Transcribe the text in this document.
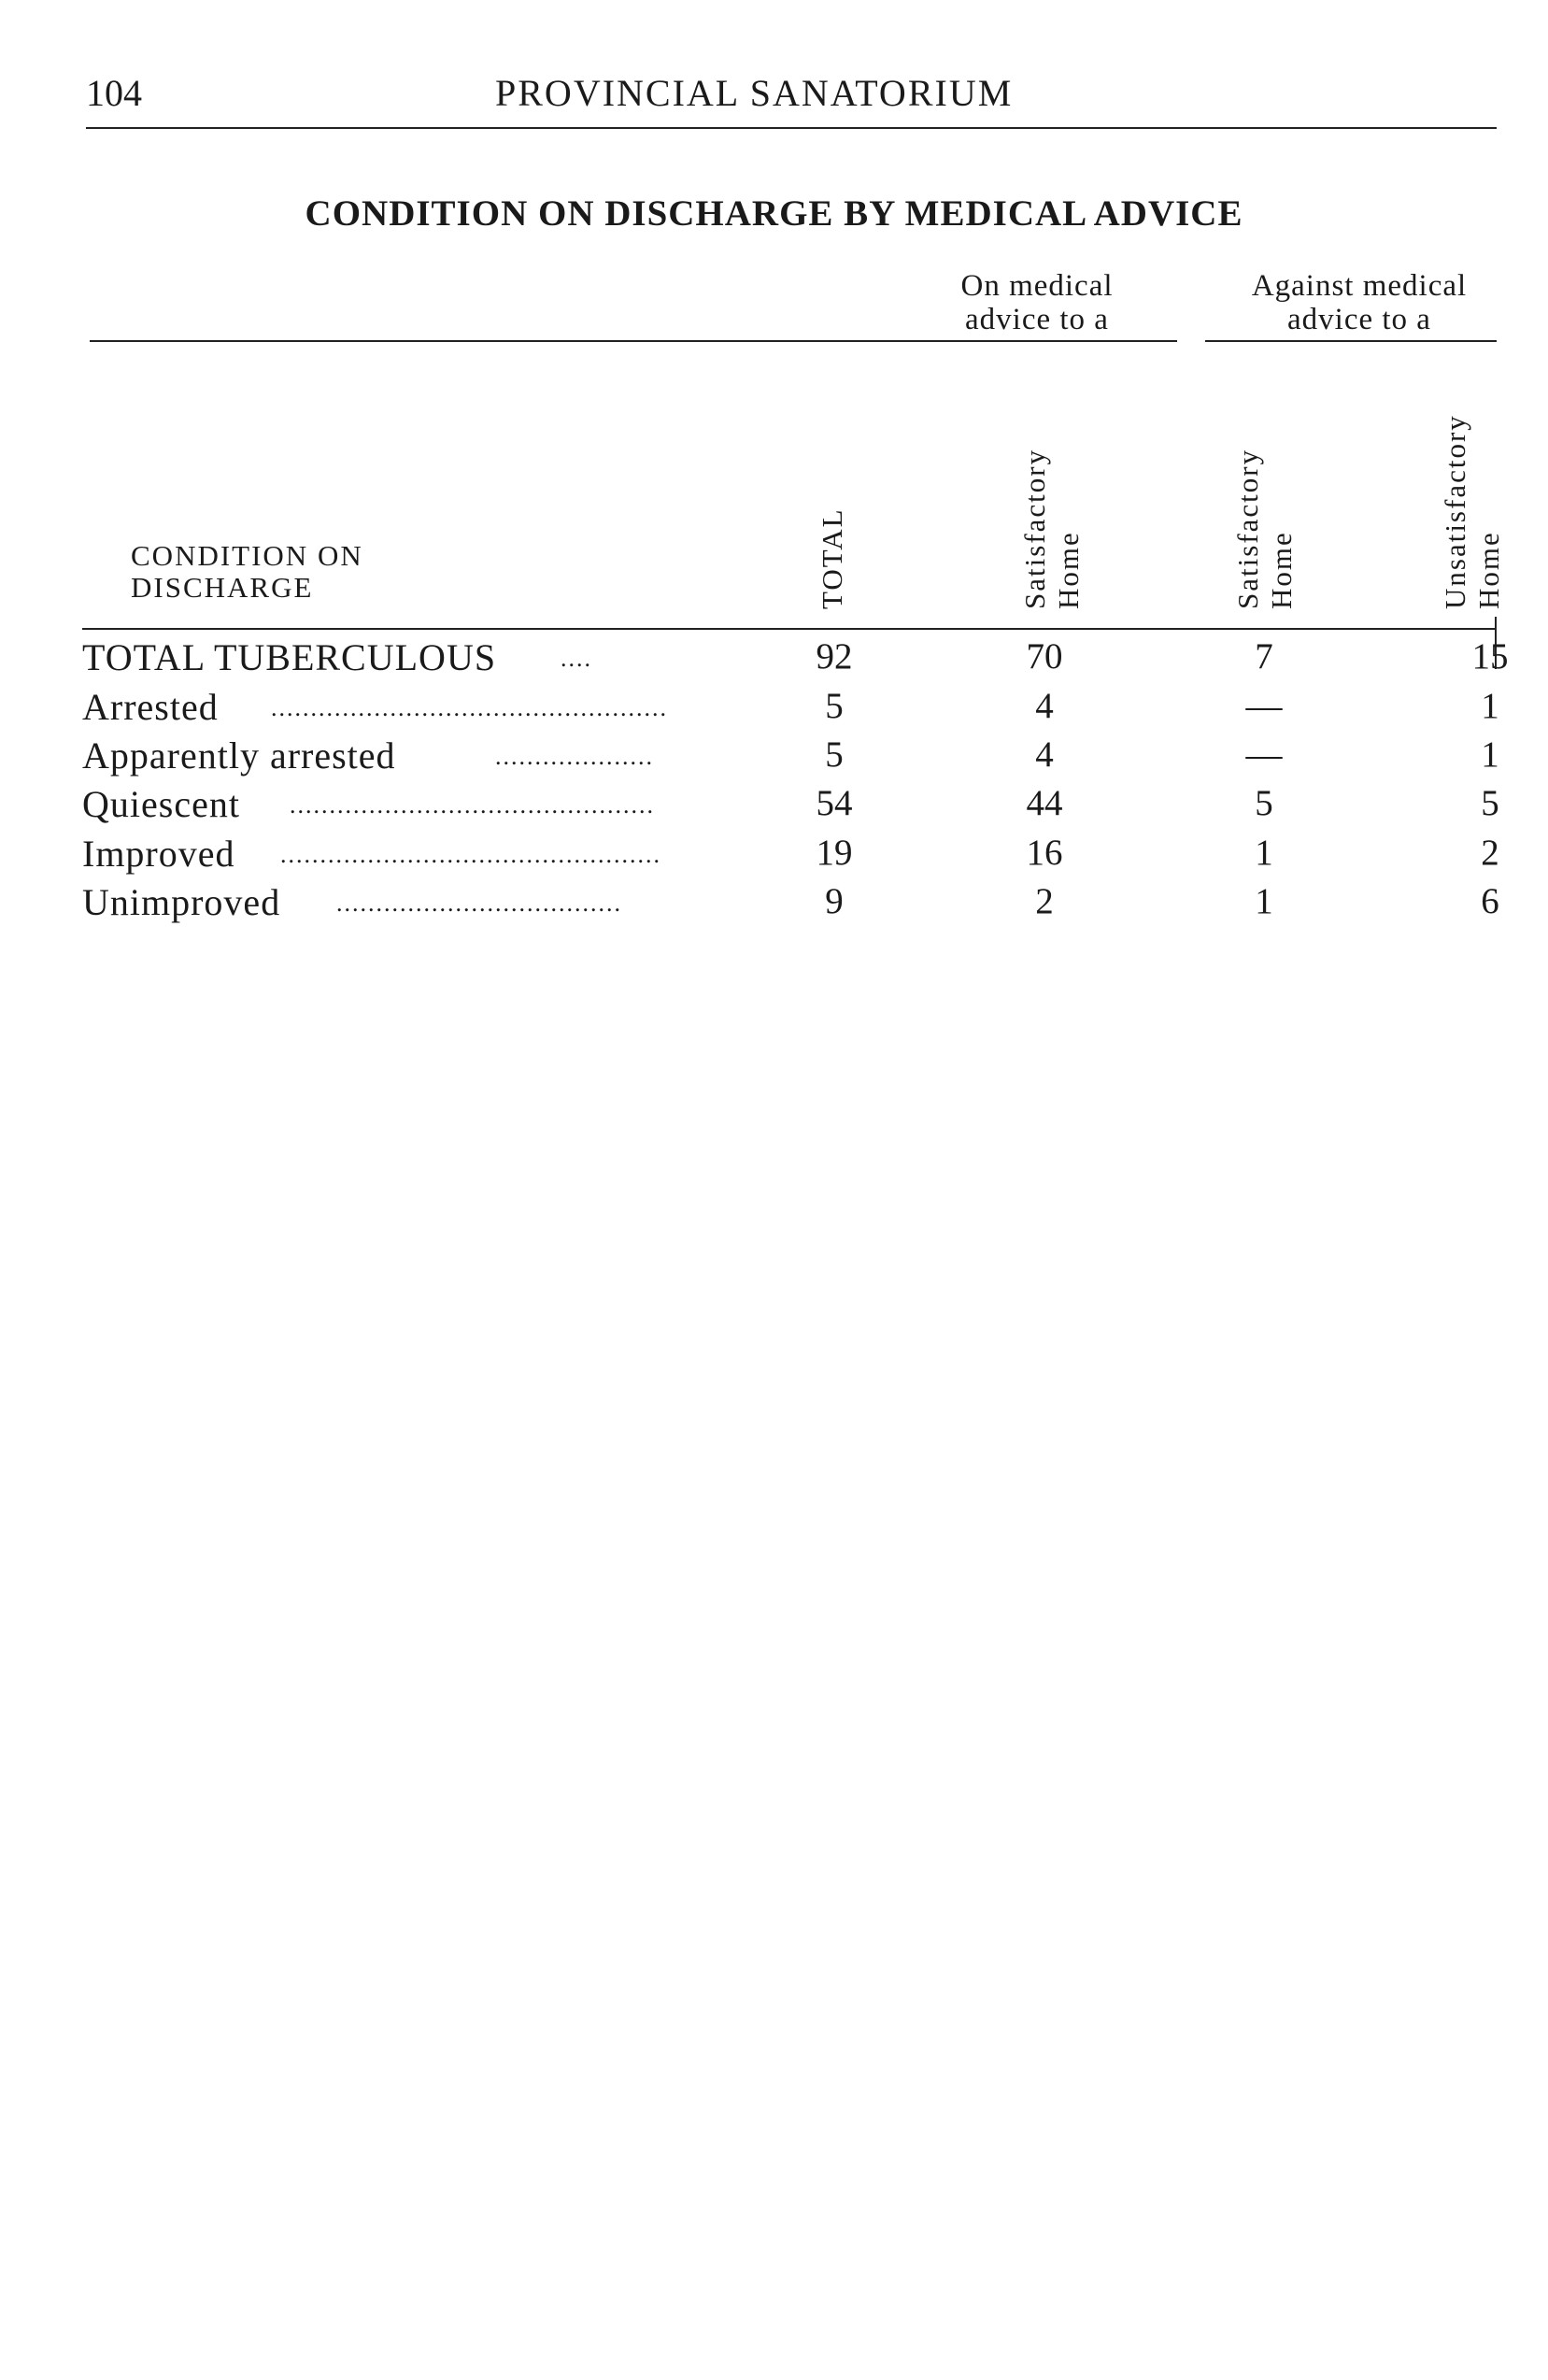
104	PROVINCIAL SANATORIUM
CONDITION ON DISCHARGE BY MEDICAL ADVICE
On medical
advice to a
Against medical
advice to a
CONDITION ON
DISCHARGE	TOTAL	Satisfactory Home	Satisfactory Home	Unsatisfactory Home
TOTAL TUBERCULOUS	....	92	70	7	15
Arrested ..................................................	5	4	—	1
Apparently arrested	....................	5	4	—	1
Quiescent ..............................................	54	44	5	5
Improved ................................................	19	16	1	2
Unimproved ....................................	9	2	1	6
